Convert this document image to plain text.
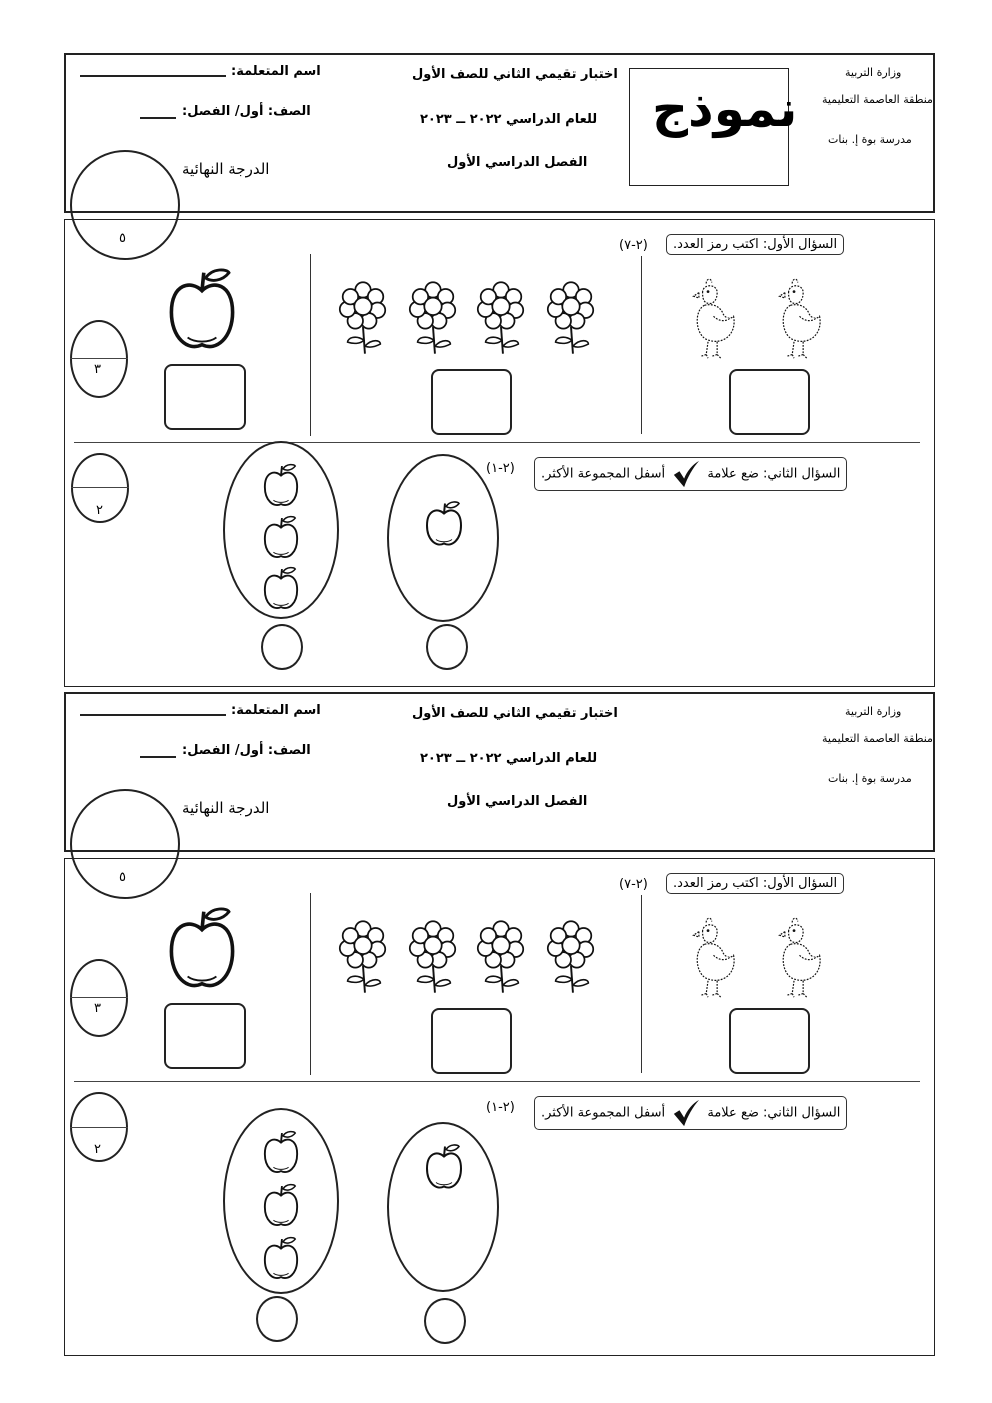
وزارة التربية
منطقة العاصمة التعليمية
مدرسة بوة إ. بنات
نموذج
اختبار تقيمي الثاني للصف الأول
للعام الدراسي ٢٠٢٢ ــ ٢٠٢٣
الفصل الدراسي الأول
اسم المتعلمة:
الصف: أول/ الفصل:
الدرجة النهائية
٥	السؤال الأول: اكتب رمز العدد.
(٢-٧)
٣
السؤال الثاني: ضع علامة  أسفل المجموعة الأكثر.
(٢-١)
٢
وزارة التربية
منطقة العاصمة التعليمية
مدرسة بوة إ. بنات
اختبار تقيمي الثاني للصف الأول
للعام الدراسي ٢٠٢٢ ــ ٢٠٢٣
الفصل الدراسي الأول
اسم المتعلمة:
الصف: أول/ الفصل:
الدرجة النهائية
٥	السؤال الأول: اكتب رمز العدد.
(٢-٧)
٣
السؤال الثاني: ضع علامة  أسفل المجموعة الأكثر.
(٢-١)
٢
